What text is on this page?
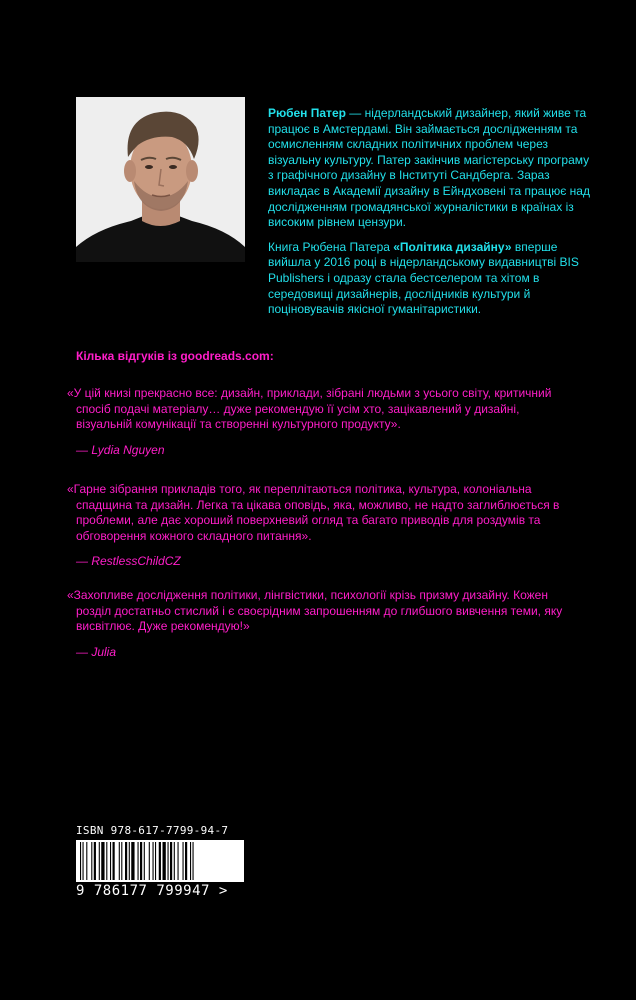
Рюбен Патер — нідерландський дизайнер, який живе та працює в Амстердамі. Він займається дослідженням та осмисленням складних політичних проблем через візуальну культуру. Патер закінчив магістерську програму з графічного дизайну в Інституті Сандберга. Зараз викладає в Академії дизайну в Ейндховені та працює над дослідженням громадянської журналістики в країнах із високим рівнем цензури.

Книга Рюбена Патера «Політика дизайну» вперше вийшла у 2016 році в нідерландському видавництві BIS Publishers і одразу стала бестселером та хітом в середовищі дизайнерів, дослідників культури й поціновувачів якісної гуманітаристики.

Кілька відгуків із goodreads.com:

«У цій книзі прекрасно все: дизайн, приклади, зібрані людьми з усього світу, критичний спосіб подачі матеріалу… дуже рекомендую її усім хто, зацікавлений у дизайні, візуальній комунікації та створенні культурного продукту».

— Lydia Nguyen

«Гарне зібрання прикладів того, як переплітаються політика, культура, колоніальна спадщина та дизайн. Легка та цікава оповідь, яка, можливо, не надто заглиблюється в проблеми, але дає хороший поверхневий огляд та багато приводів для роздумів та обговорення кожного складного питання».

— RestlessChildCZ

«Захопливе дослідження політики, лінгвістики, психології крізь призму дизайну. Кожен розділ достатньо стислий і є своєрідним запрошенням до глибшого вивчення теми, яку висвітлює. Дуже рекомендую!»

— Julia

ISBN 978-617-7799-94-7
9 786177 799947 >
